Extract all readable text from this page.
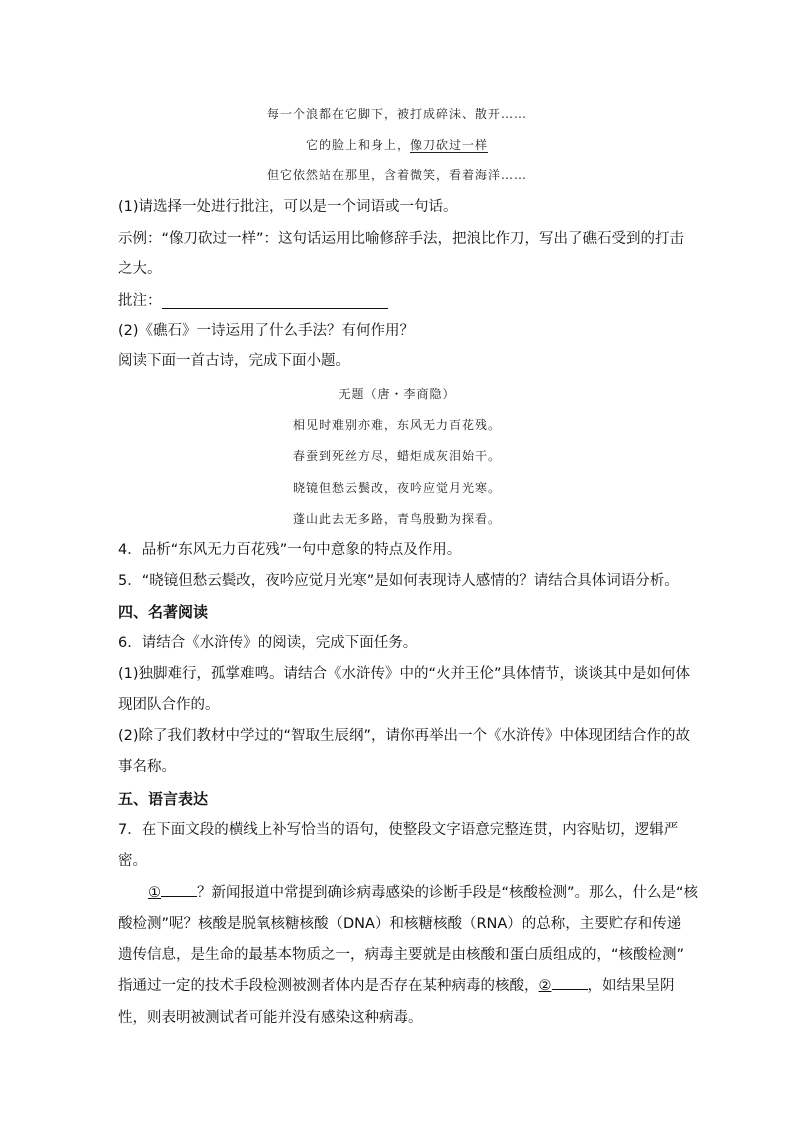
每一个浪都在它脚下，被打成碎沫、散开……
它的脸上和身上，像刀砍过一样
但它依然站在那里，含着微笑，看着海洋……
(1)请选择一处进行批注，可以是一个词语或一句话。
示例：“像刀砍过一样”：这句话运用比喻修辞手法，把浪比作刀，写出了礁石受到的打击
之大。
批注：
(2)《礁石》一诗运用了什么手法？有何作用？
阅读下面一首古诗，完成下面小题。
无题（唐・李商隐）
相见时难别亦难，东风无力百花残。
春蚕到死丝方尽，蜡炬成灰泪始干。
晓镜但愁云鬓改，夜吟应觉月光寒。
蓬山此去无多路，青鸟殷勤为探看。
4．品析“东风无力百花残”一句中意象的特点及作用。
5．“晓镜但愁云鬓改，夜吟应觉月光寒”是如何表现诗人感情的？请结合具体词语分析。
四、名著阅读
6．请结合《水浒传》的阅读，完成下面任务。
(1)独脚难行，孤掌难鸣。请结合《水浒传》中的“火并王伦”具体情节，谈谈其中是如何体
现团队合作的。
(2)除了我们教材中学过的“智取生辰纲”，请你再举出一个《水浒传》中体现团结合作的故
事名称。
五、语言表达
7．在下面文段的横线上补写恰当的语句，使整段文字语意完整连贯，内容贴切，逻辑严
密。
① ？新闻报道中常提到确诊病毒感染的诊断手段是“核酸检测”。那么，什么是“核
酸检测”呢？核酸是脱氧核糖核酸（DNA）和核糖核酸（RNA）的总称，主要贮存和传递
遗传信息，是生命的最基本物质之一，病毒主要就是由核酸和蛋白质组成的，“核酸检测”
指通过一定的技术手段检测被测者体内是否存在某种病毒的核酸，② ，如结果呈阴
性，则表明被测试者可能并没有感染这种病毒。
